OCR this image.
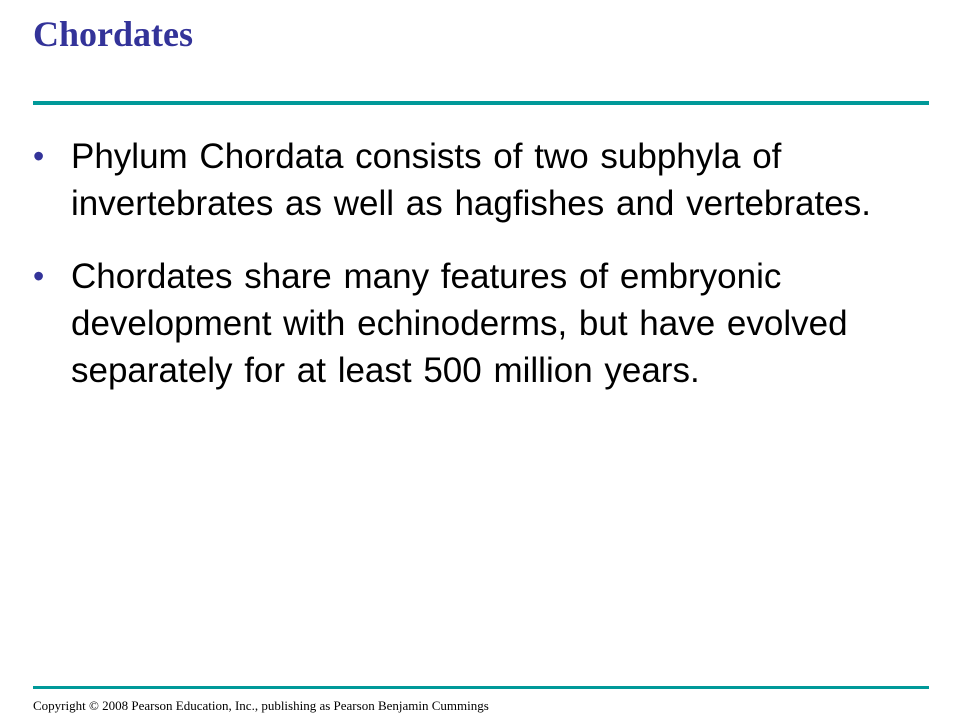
Chordates
• Phylum Chordata consists of two subphyla of invertebrates as well as hagfishes and vertebrates.
• Chordates share many features of embryonic development with echinoderms, but have evolved separately for at least 500 million years.

Copyright © 2008 Pearson Education, Inc., publishing as Pearson Benjamin Cummings
